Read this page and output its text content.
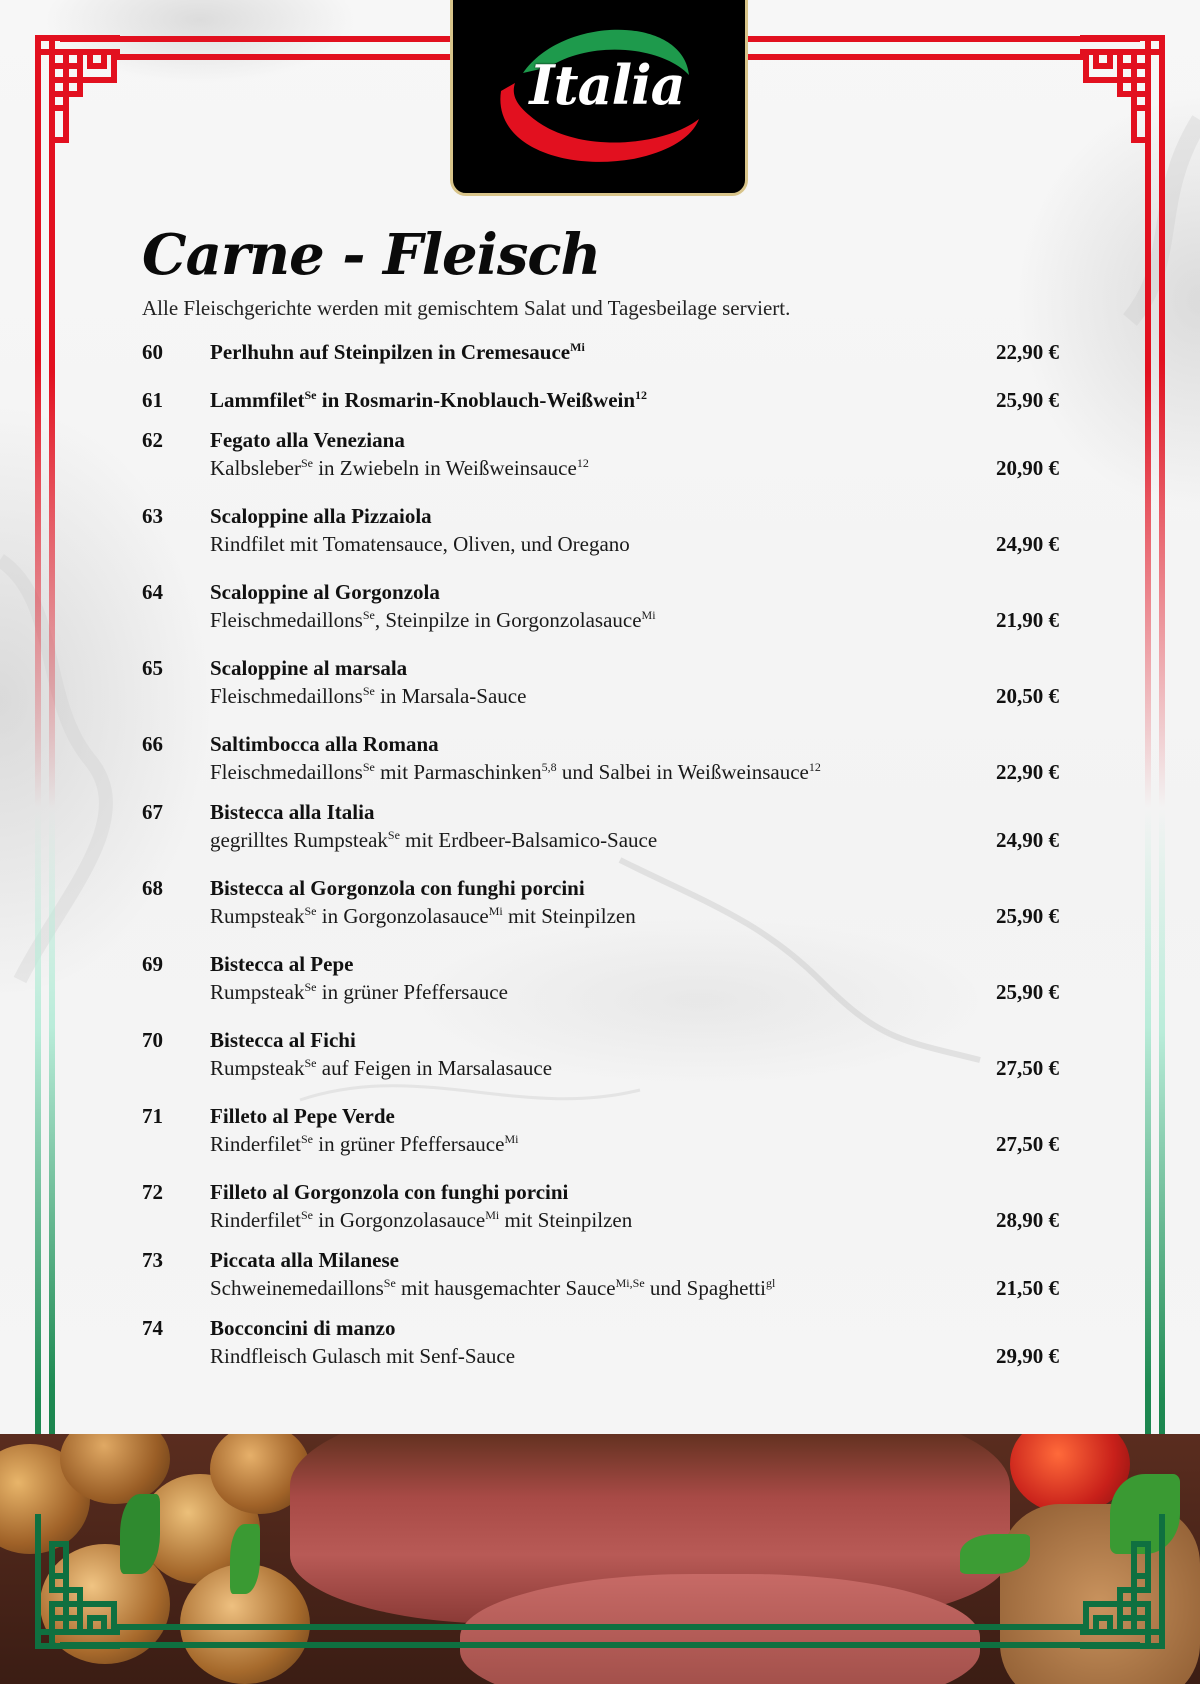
Italia
Carne - Fleisch
Alle Fleischgerichte werden mit gemischtem Salat und Tagesbeilage serviert.
60 Perlhuhn auf Steinpilzen in Cremesauce$^{Mi}$	22,90 €
61 Lammfilet$^{Se}$ in Rosmarin-Knoblauch-Weißwein$^{12}$	25,90 €
62 Fegato alla Veneziana
Kalbsleber$^{Se}$ in Zwiebeln in Weißweinsauce$^{12}$	20,90 €
63 Scaloppine alla Pizzaiola
Rindfilet mit Tomatensauce, Oliven, und Oregano	24,90 €
64 Scaloppine al Gorgonzola
Fleischmedaillons$^{Se}$, Steinpilze in Gorgonzolasauce$^{Mi}$	21,90 €
65 Scaloppine al marsala
Fleischmedaillons$^{Se}$ in Marsala-Sauce	20,50 €
66 Saltimbocca alla Romana
Fleischmedaillons$^{Se}$ mit Parmaschinken$^{5,8}$ und Salbei in Weißweinsauce$^{12}$	22,90 €
67 Bistecca alla Italia
gegrilltes Rumpsteak$^{Se}$ mit Erdbeer-Balsamico-Sauce	24,90 €
68 Bistecca al Gorgonzola con funghi porcini
Rumpsteak$^{Se}$ in Gorgonzolasauce$^{Mi}$ mit Steinpilzen	25,90 €
69 Bistecca al Pepe
Rumpsteak$^{Se}$ in grüner Pfeffersauce	25,90 €
70 Bistecca al Fichi
Rumpsteak$^{Se}$ auf Feigen in Marsalasauce	27,50 €
71 Filleto al Pepe Verde
Rinderfilet$^{Se}$ in grüner Pfeffersauce$^{Mi}$	27,50 €
72 Filleto al Gorgonzola con funghi porcini
Rinderfilet$^{Se}$ in Gorgonzolasauce$^{Mi}$ mit Steinpilzen	28,90 €
73 Piccata alla Milanese
Schweinemedaillons$^{Se}$ mit hausgemachter Sauce$^{Mi,Se}$ und Spaghetti$^{gl}$	21,50 €
74 Bocconcini di manzo
Rindfleisch Gulasch mit Senf-Sauce	29,90 €
